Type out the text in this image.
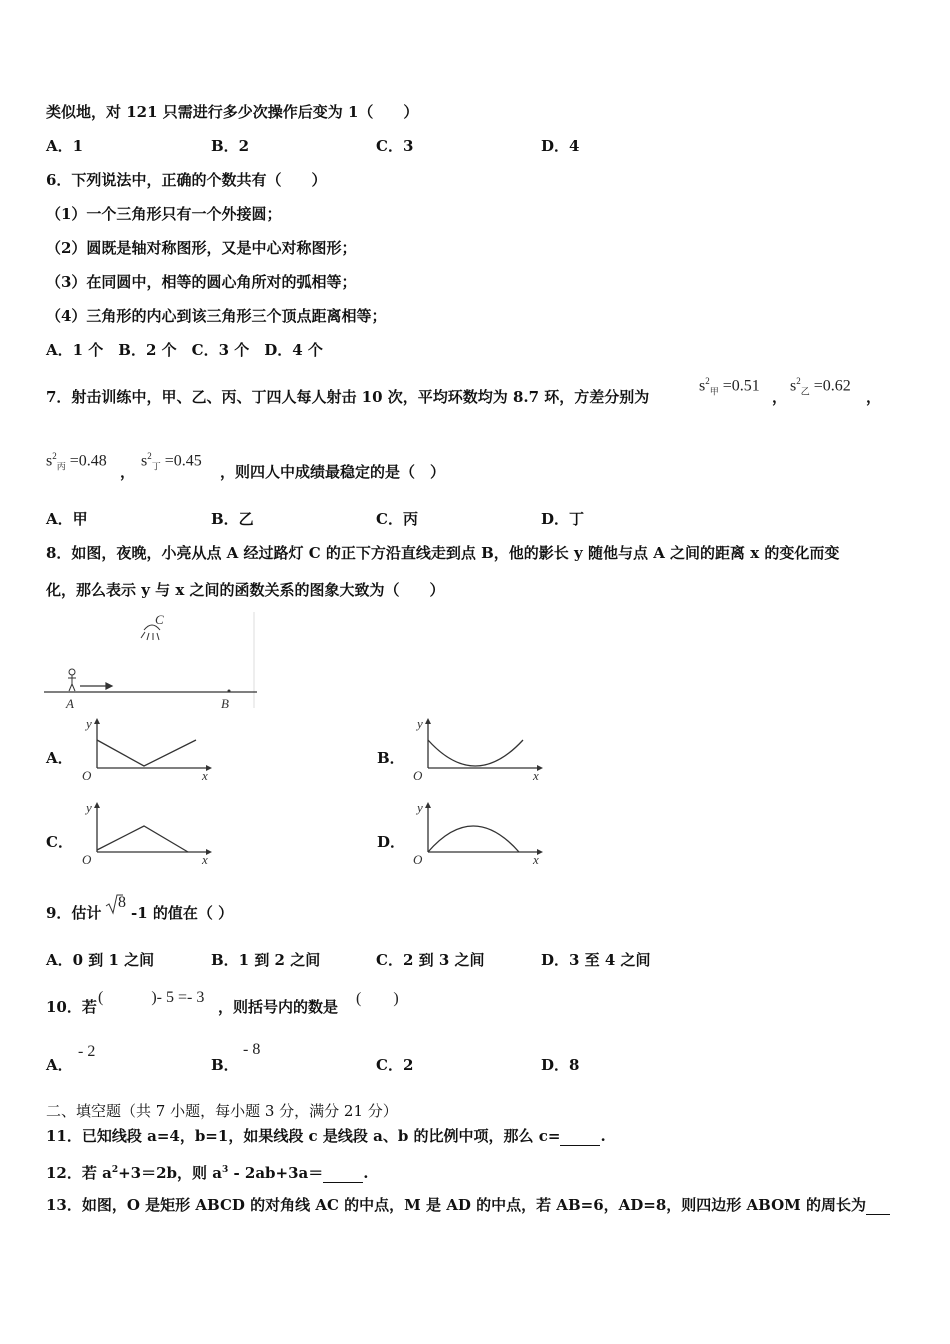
类似地，对 121 只需进行多少次操作后变为 1（　　）
A．1	B．2	C．3	D．4
6．下列说法中，正确的个数共有（　　）
（1）一个三角形只有一个外接圆；
（2）圆既是轴对称图形，又是中心对称图形；
（3）在同圆中，相等的圆心角所对的弧相等；
（4）三角形的内心到该三角形三个顶点距离相等；
A．1 个　B．2 个　C．3 个　D．4 个
7．射击训练中，甲、乙、丙、丁四人每人射击 10 次，平均环数均为 8.7 环，方差分别为
$s^2_甲 =0.51$
，
$s^2_乙 =0.62$
，
$s^2_丙 =0.48$
，
$s^2_丁 =0.45$
，则四人中成绩最稳定的是（　）
A．甲	B．乙	C．丙	D．丁
8．如图，夜晚，小亮从点 A 经过路灯 C 的正下方沿直线走到点 B，他的影长 y 随他与点 A 之间的距离 x 的变化而变
化，那么表示 y 与 x 之间的函数关系的图象大致为（　　）
C
A	B
A．
y
O	x
B．
y
O	x
C．
y
O	x
D．
y
O	x
9．估计
8
-1 的值在（ ）
A．0 到 1 之间	B．1 到 2 之间	C．2 到 3 之间	D．3 至 4 之间
10．若
(　　　)- 5 =- 3
，则括号内的数是 (　　)
A．
- 2
B．
- 8
C．2	D．8
二、填空题（共 7 小题，每小题 3 分，满分 21 分）
11．已知线段 a=4，b=1，如果线段 c 是线段 a、b 的比例中项，那么 c=	.
12．若 $a^2+3=2b$，则 $a^3 - 2ab+3a=$	.
13．如图，O 是矩形 ABCD 的对角线 AC 的中点，M 是 AD 的中点，若 AB=6，AD=8，则四边形 ABOM 的周长为
